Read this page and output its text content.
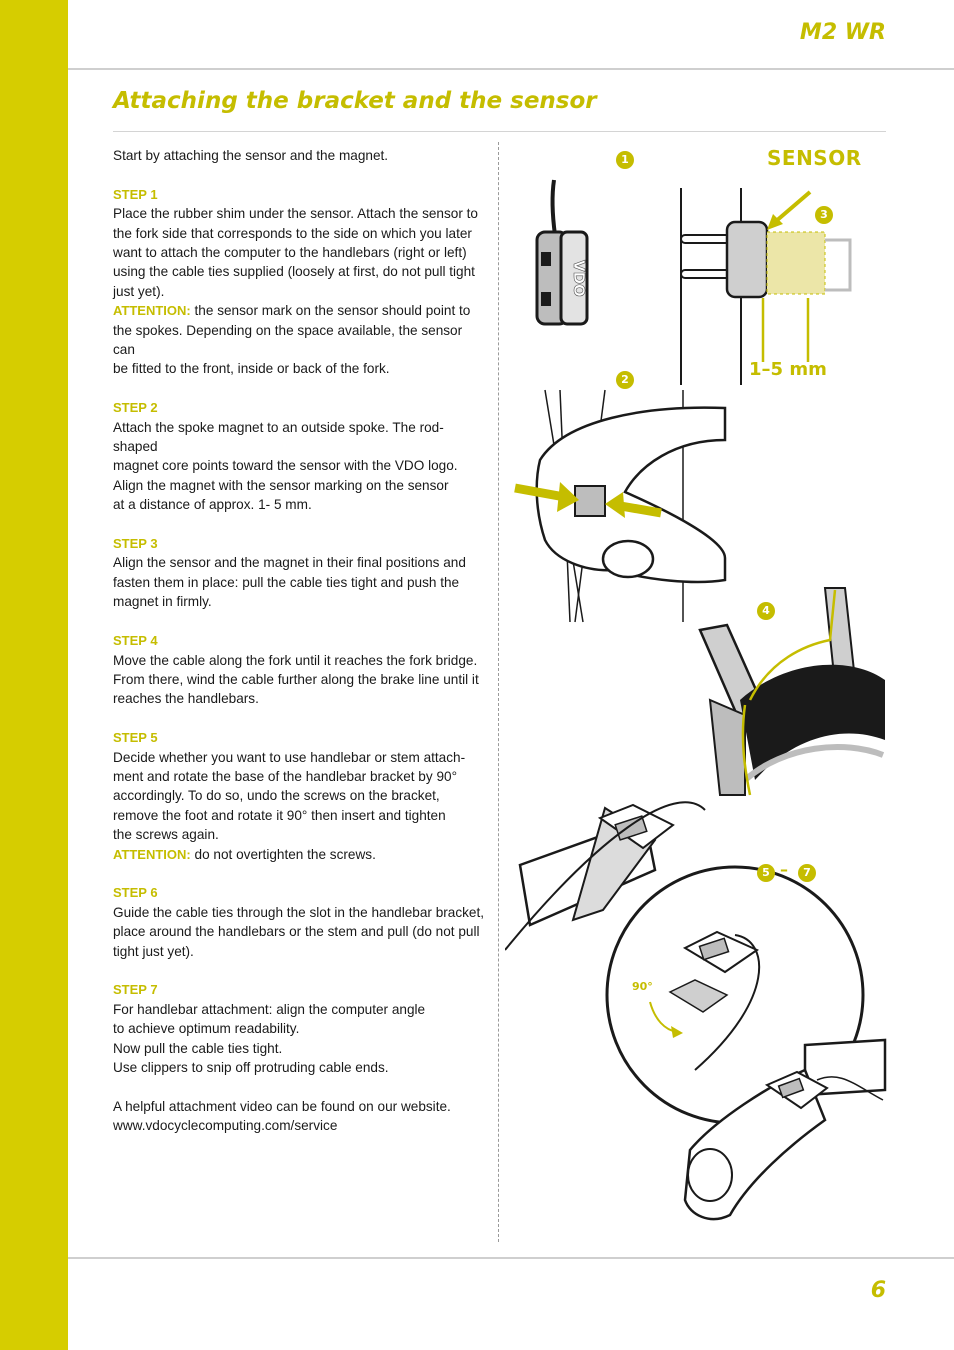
M2 WR
6
Attaching the bracket and the sensor

Start by attaching the sensor and the magnet.

STEP 1

Place the rubber shim under the sensor. Attach the sensor to

the fork side that corresponds to the side on which you later

want to attach the computer to the handlebars (right or left)

using the cable ties supplied (loosely at first, do not pull tight

just yet).

ATTENTION: the sensor mark on the sensor should point to

the spokes. Depending on the space available, the sensor can

be fitted to the front, inside or back of the fork.

STEP 2

Attach the spoke magnet to an outside spoke. The rod-shaped

magnet core points toward the sensor with the VDO logo.

Align the magnet with the sensor marking on the sensor

at a distance of approx. 1- 5 mm.

STEP 3

Align the sensor and the magnet in their final positions and

fasten them in place: pull the cable ties tight and push the

magnet in firmly.

STEP 4

Move the cable along the fork until it reaches the fork bridge.

From there, wind the cable further along the brake line until it

reaches the handlebars.

STEP 5

Decide whether you want to use handlebar or stem attach-

ment and rotate the base of the handlebar bracket by 90°

accordingly. To do so, undo the screws on the bracket,

remove the foot and rotate it 90° then insert and tighten

the screws again.

ATTENTION: do not overtighten the screws.

STEP 6

Guide the cable ties through the slot in the handlebar bracket,

place around the handlebars or the stem and pull (do not pull

tight just yet).

STEP 7

For handlebar attachment: align the computer angle

to achieve optimum readability.

Now pull the cable ties tight.

Use clippers to snip off protruding cable ends.

A helpful attachment video can be found on our website.

www.vdocyclecomputing.com/service

VDO
SENSOR
1–5 mm
90°
1
2
3
4
5 –	7
